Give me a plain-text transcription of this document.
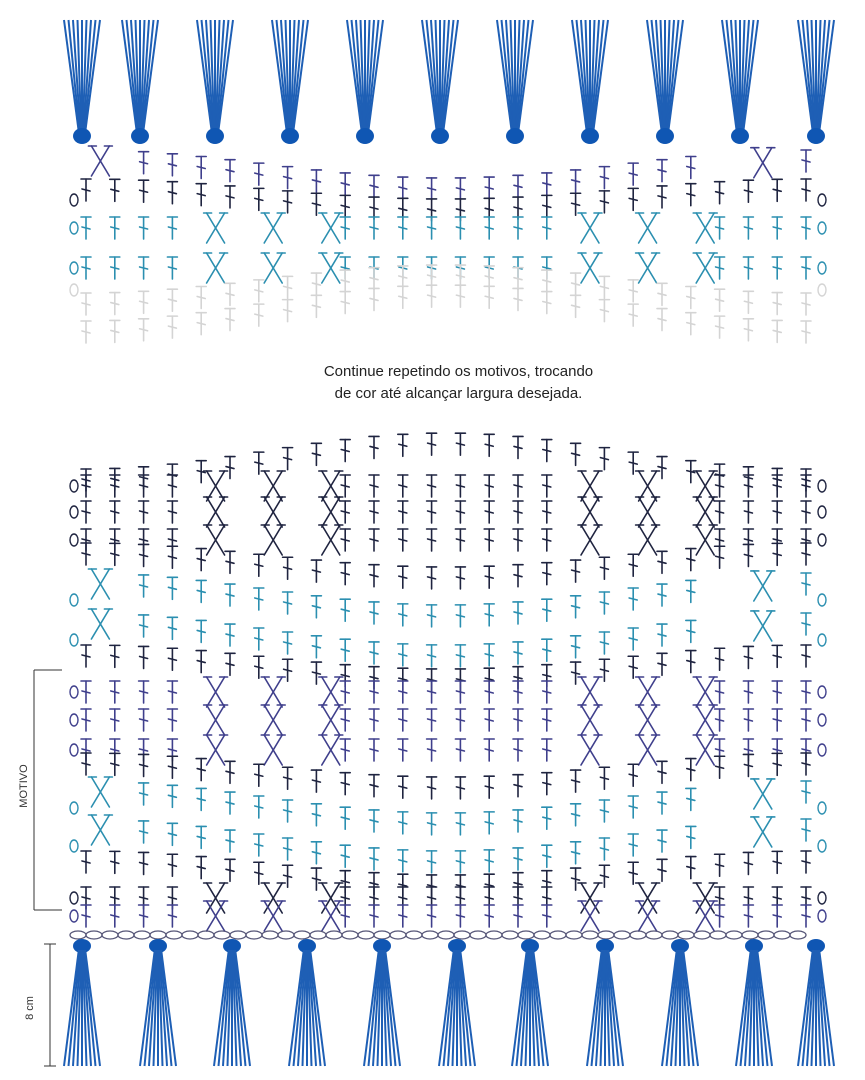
Continue repetindo os motivos, trocando
de cor até alcançar largura desejada.
MOTIVO
8 cm
